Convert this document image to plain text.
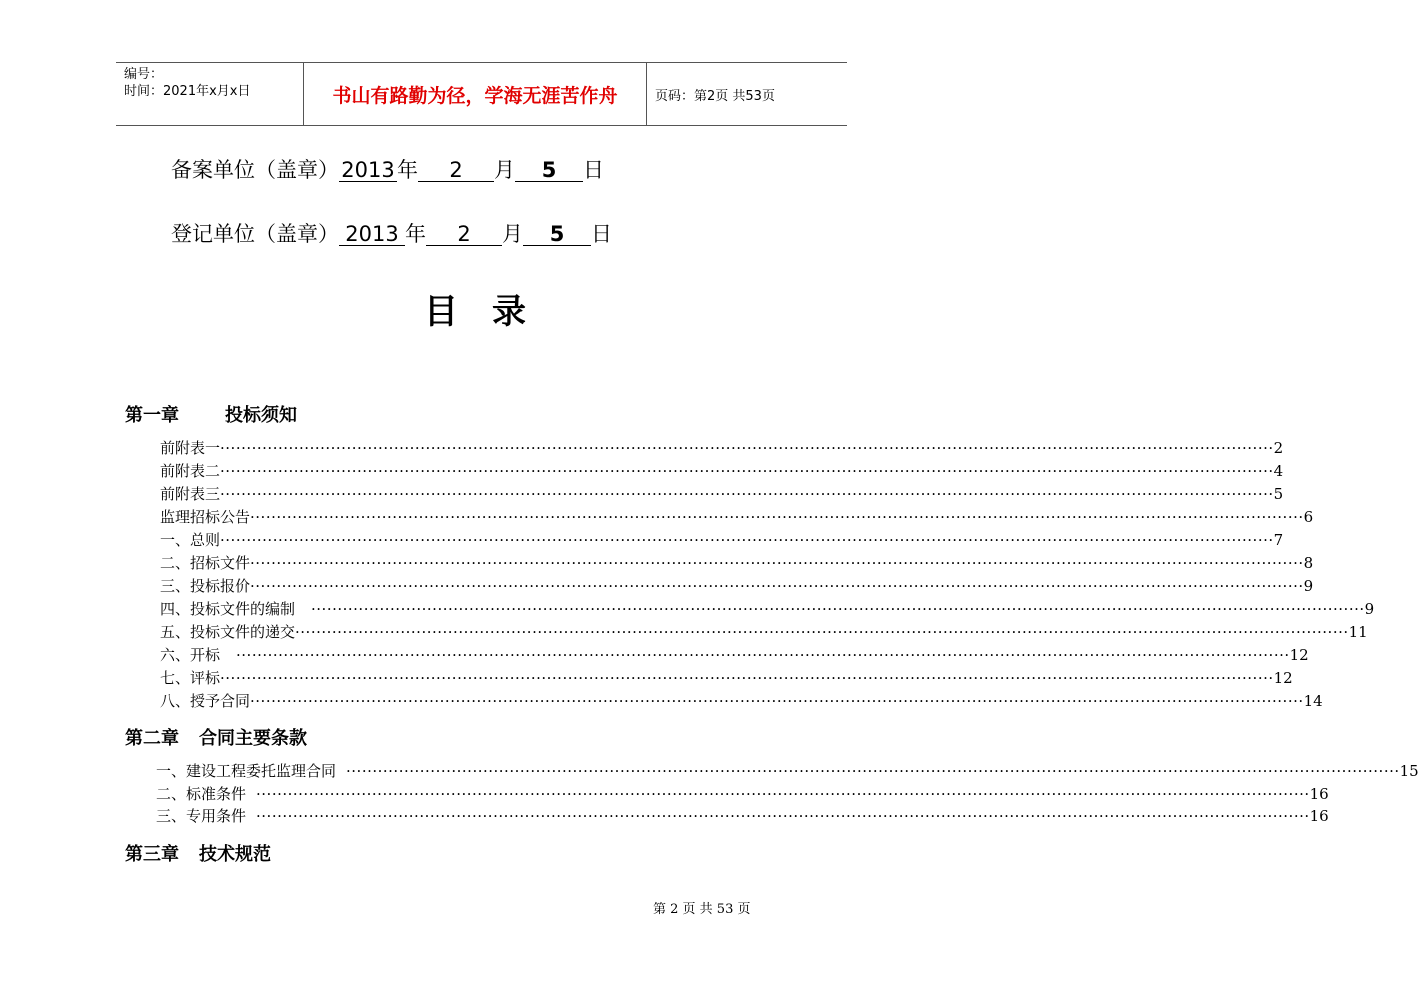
编号：
时间：2021年x月x日	书山有路勤为径，学海无涯苦作舟	页码：第2页 共53页
备案单位（盖章） 2013 年 2 月 5 日
登记单位（盖章） 2013 年 2 月 5 日
目录
第一章	投标须知
前附表一 ········································································································································································································ 2
前附表二 ········································································································································································································ 4
前附表三 ········································································································································································································ 5
监理招标公告 ········································································································································································································ 6
一、总则 ········································································································································································································ 7
二、招标文件 ········································································································································································································ 8
三、投标报价 ········································································································································································································ 9
四、投标文件的编制 ········································································································································································································ 9
五、投标文件的递交 ········································································································································································································ 11
六、开标 ········································································································································································································ 12
七、评标 ········································································································································································································ 12
八、授予合同 ········································································································································································································ 14
第二章 合同主要条款
一、建设工程委托监理合同 ········································································································································································································ 15
二、标准条件 ········································································································································································································ 16
三、专用条件 ········································································································································································································ 16
第三章 技术规范
第 2 页 共 53 页
